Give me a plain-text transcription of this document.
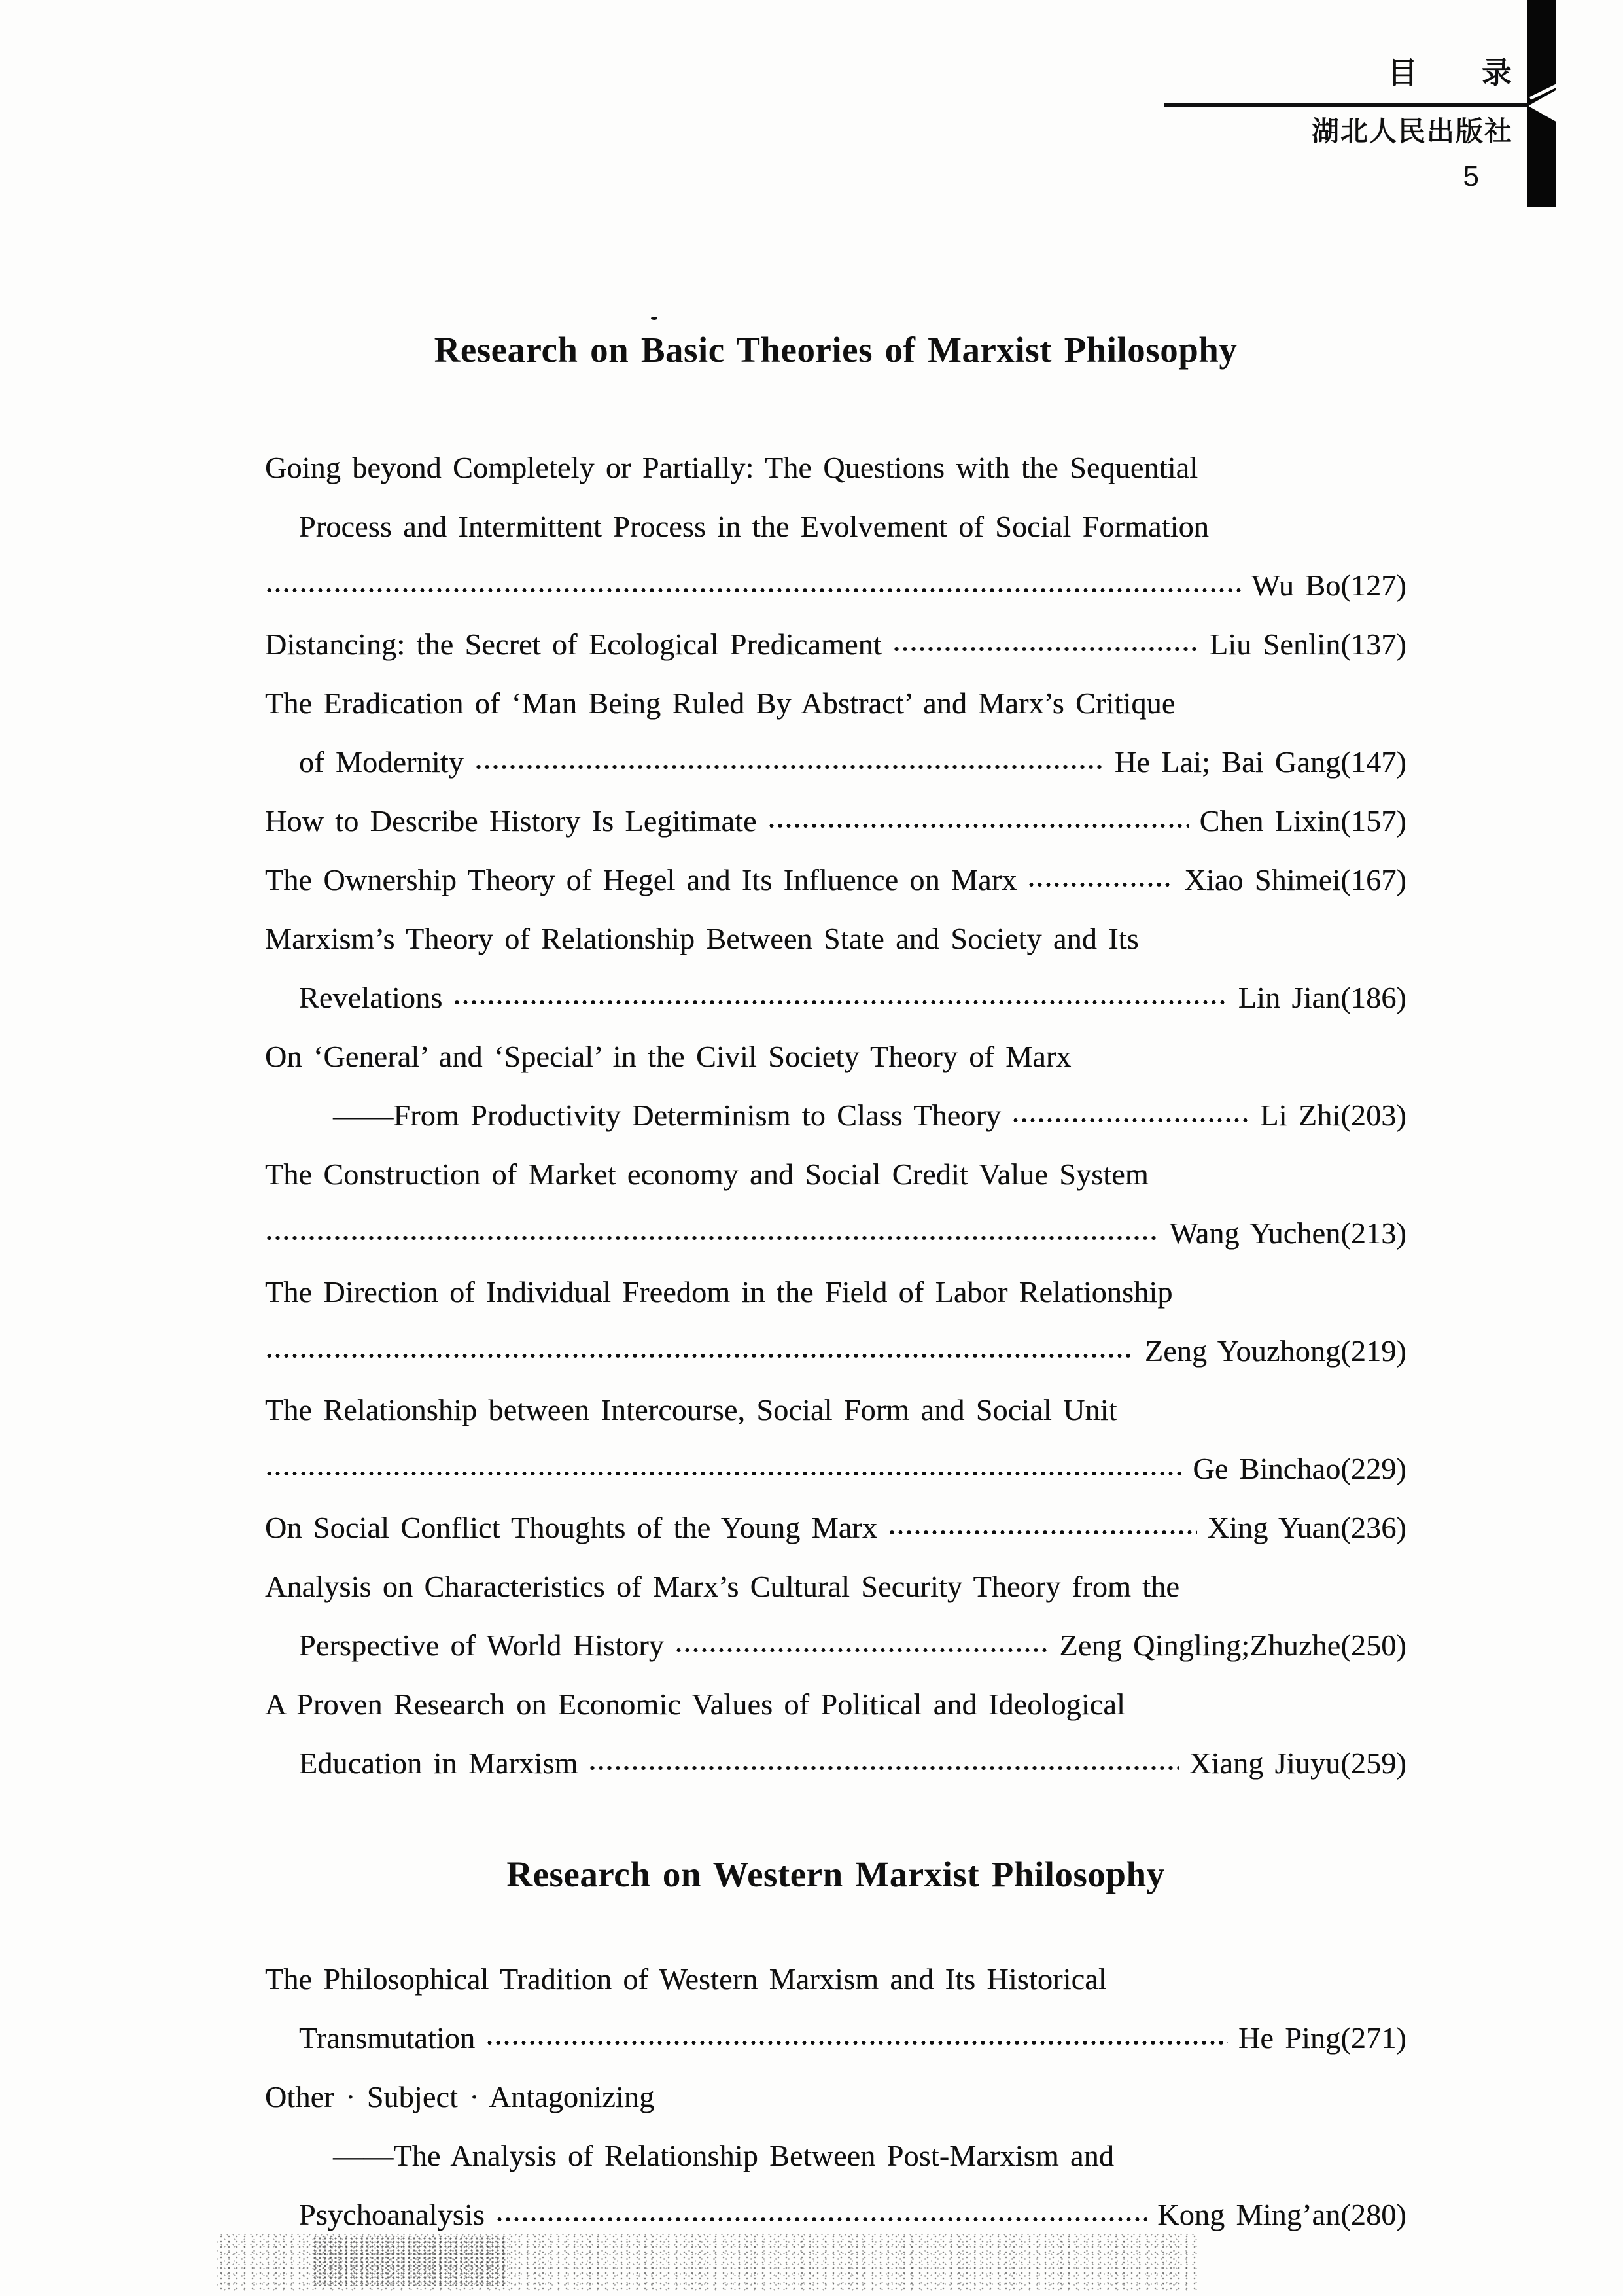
目　　录
湖北人民出版社
5
Research on Basic Theories of Marxist Philosophy
Going beyond Completely or Partially: The Questions with the Sequential
Process and Intermittent Process in the Evolvement of Social Formation
Wu Bo(127)
Distancing: the Secret of Ecological Predicament	Liu Senlin(137)
The Eradication of ‘Man Being Ruled By Abstract’ and Marx’s Critique
of Modernity	He Lai; Bai Gang(147)
How to Describe History Is Legitimate	Chen Lixin(157)
The Ownership Theory of Hegel and Its Influence on Marx	Xiao Shimei(167)
Marxism’s Theory of Relationship Between State and Society and Its
Revelations	Lin Jian(186)
On ‘General’ and ‘Special’ in the Civil Society Theory of Marx
——From Productivity Determinism to Class Theory	Li Zhi(203)
The Construction of Market economy and Social Credit Value System
Wang Yuchen(213)
The Direction of Individual Freedom in the Field of Labor Relationship
Zeng Youzhong(219)
The Relationship between Intercourse, Social Form and Social Unit
Ge Binchao(229)
On Social Conflict Thoughts of the Young Marx	Xing Yuan(236)
Analysis on Characteristics of Marx’s Cultural Security Theory from the
Perspective of World History	Zeng Qingling;Zhuzhe(250)
A Proven Research on Economic Values of Political and Ideological
Education in Marxism	Xiang Jiuyu(259)
Research on Western Marxist Philosophy
The Philosophical Tradition of Western Marxism and Its Historical
Transmutation	He Ping(271)
Other · Subject · Antagonizing
——The Analysis of Relationship Between Post-Marxism and
Psychoanalysis	Kong Ming’an(280)
